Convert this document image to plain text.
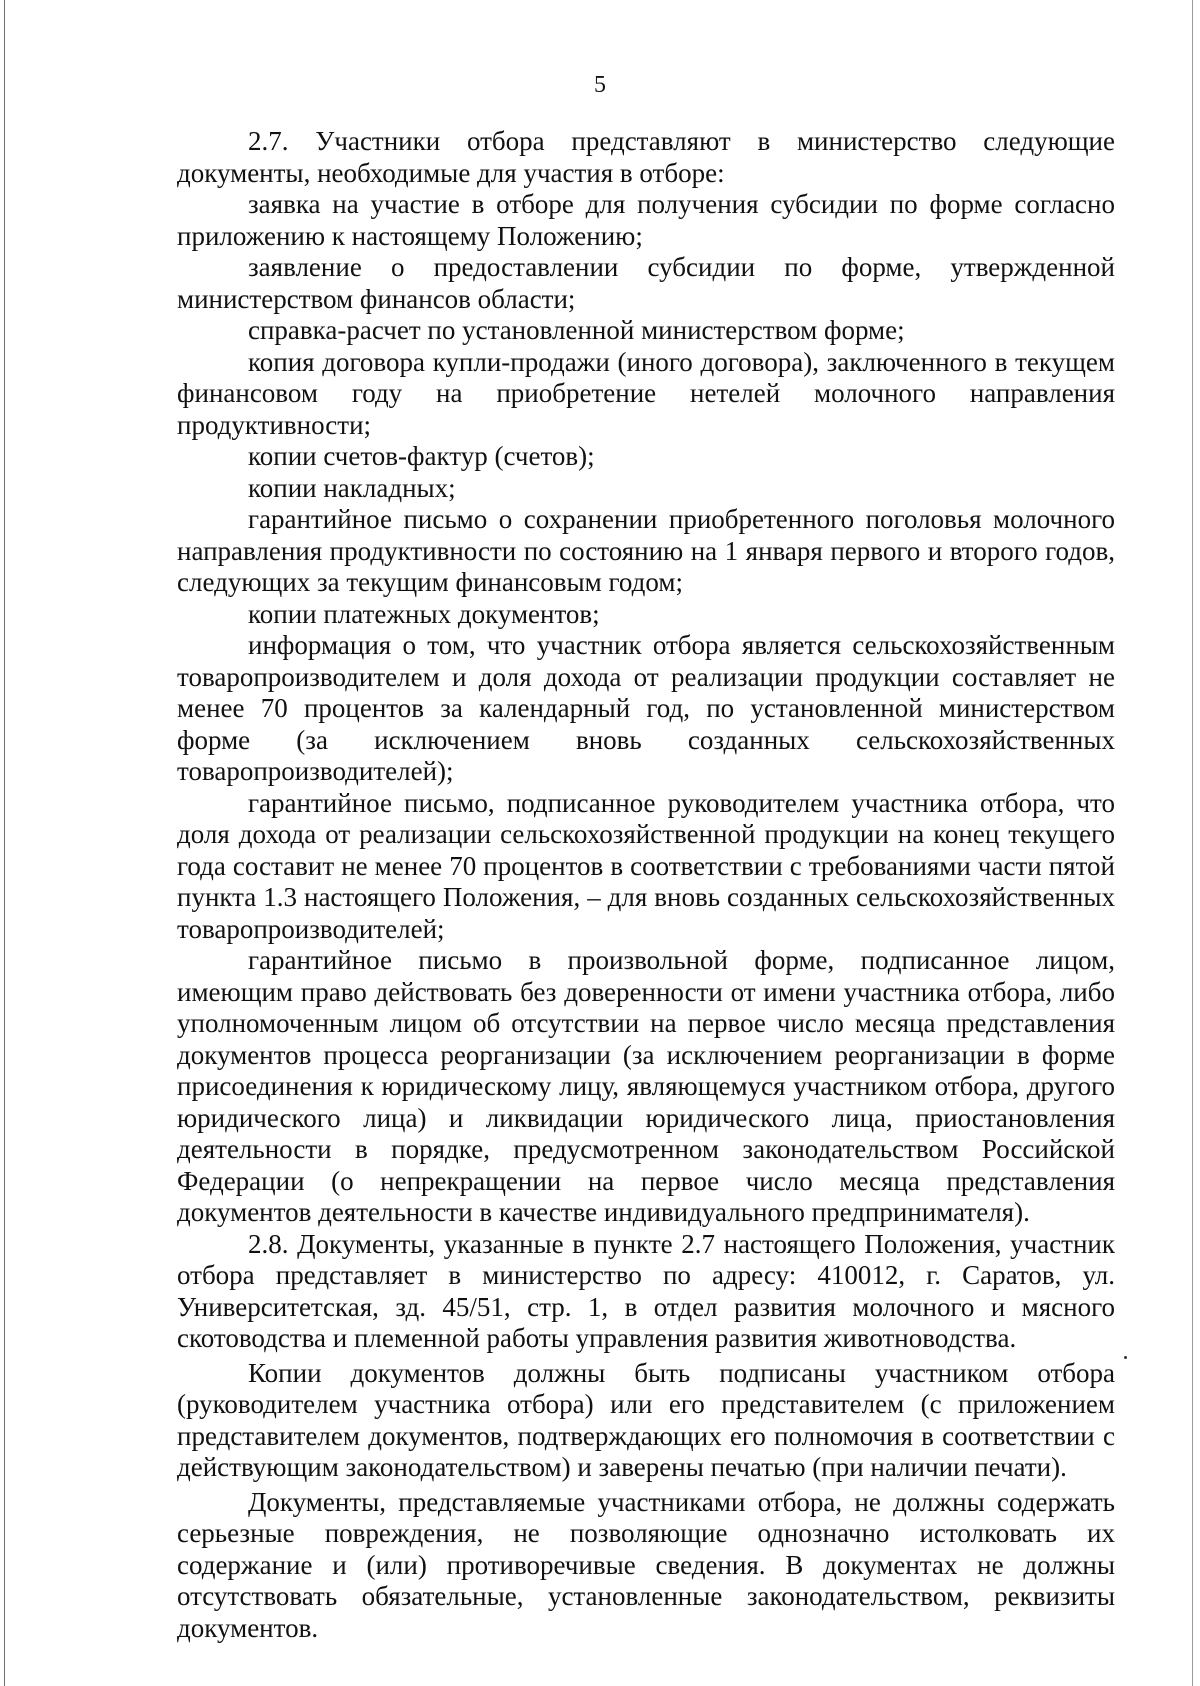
5

2.7. Участники отбора представляют в министерство следующие документы, необходимые для участия в отборе:

заявка на участие в отборе для получения субсидии по форме согласно приложению к настоящему Положению;

заявление о предоставлении субсидии по форме, утвержденной министерством финансов области;

справка-расчет по установленной министерством форме;

копия договора купли-продажи (иного договора), заключенного в текущем финансовом году на приобретение нетелей молочного направления продуктивности;

копии счетов-фактур (счетов);

копии накладных;

гарантийное письмо о сохранении приобретенного поголовья молочного направления продуктивности по состоянию на 1 января первого и второго годов, следующих за текущим финансовым годом;

копии платежных документов;

информация о том, что участник отбора является сельскохозяйственным товаропроизводителем и доля дохода от реализации продукции составляет не менее 70 процентов за календарный год, по установленной министерством форме (за исключением вновь созданных сельскохозяйственных товаропроизводителей);

гарантийное письмо, подписанное руководителем участника отбора, что доля дохода от реализации сельскохозяйственной продукции на конец текущего года составит не менее 70 процентов в соответствии с требованиями части пятой пункта 1.3 настоящего Положения, – для вновь созданных сельскохозяйственных товаропроизводителей;

гарантийное письмо в произвольной форме, подписанное лицом, имеющим право действовать без доверенности от имени участника отбора, либо уполномоченным лицом об отсутствии на первое число месяца представления документов процесса реорганизации (за исключением реорганизации в форме присоединения к юридическому лицу, являющемуся участником отбора, другого юридического лица) и ликвидации юридического лица, приостановления деятельности в порядке, предусмотренном законодательством Российской Федерации (о непрекращении на первое число месяца представления документов деятельности в качестве индивидуального предпринимателя).

2.8. Документы, указанные в пункте 2.7 настоящего Положения, участник отбора представляет в министерство по адресу: 410012, г. Саратов, ул. Университетская, зд. 45/51, стр. 1, в отдел развития молочного и мясного скотоводства и племенной работы управления развития животноводства.

Копии документов должны быть подписаны участником отбора (руководителем участника отбора) или его представителем (с приложением представителем документов, подтверждающих его полномочия в соответствии с действующим законодательством) и заверены печатью (при наличии печати).

Документы, представляемые участниками отбора, не должны содержать серьезные повреждения, не позволяющие однозначно истолковать их содержание и (или) противоречивые сведения. В документах не должны отсутствовать обязательные, установленные законодательством, реквизиты документов.
